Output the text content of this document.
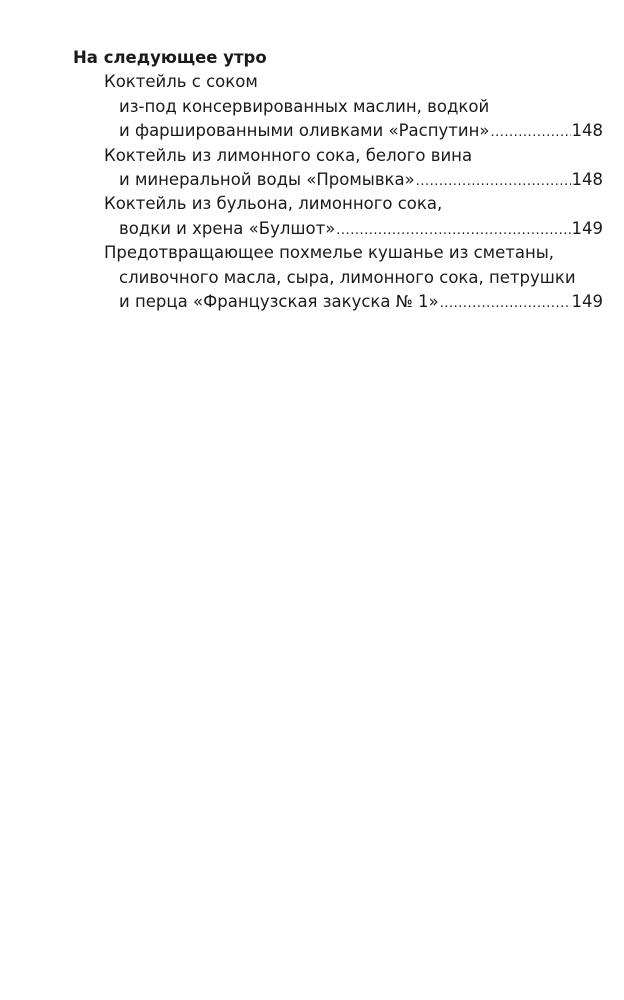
На следующее утро
Коктейль с соком
из-под консервированных маслин, водкой
и фаршированными оливками «Распутин» .....	148
Коктейль из лимонного сока, белого вина
и минеральной воды «Промывка» .....	148
Коктейль из бульона, лимонного сока,
водки и хрена «Булшот» .....	149
Предотвращающее похмелье кушанье из сметаны,
сливочного масла, сыра, лимонного сока, петрушки
и перца «Французская закуска № 1» .....	149
